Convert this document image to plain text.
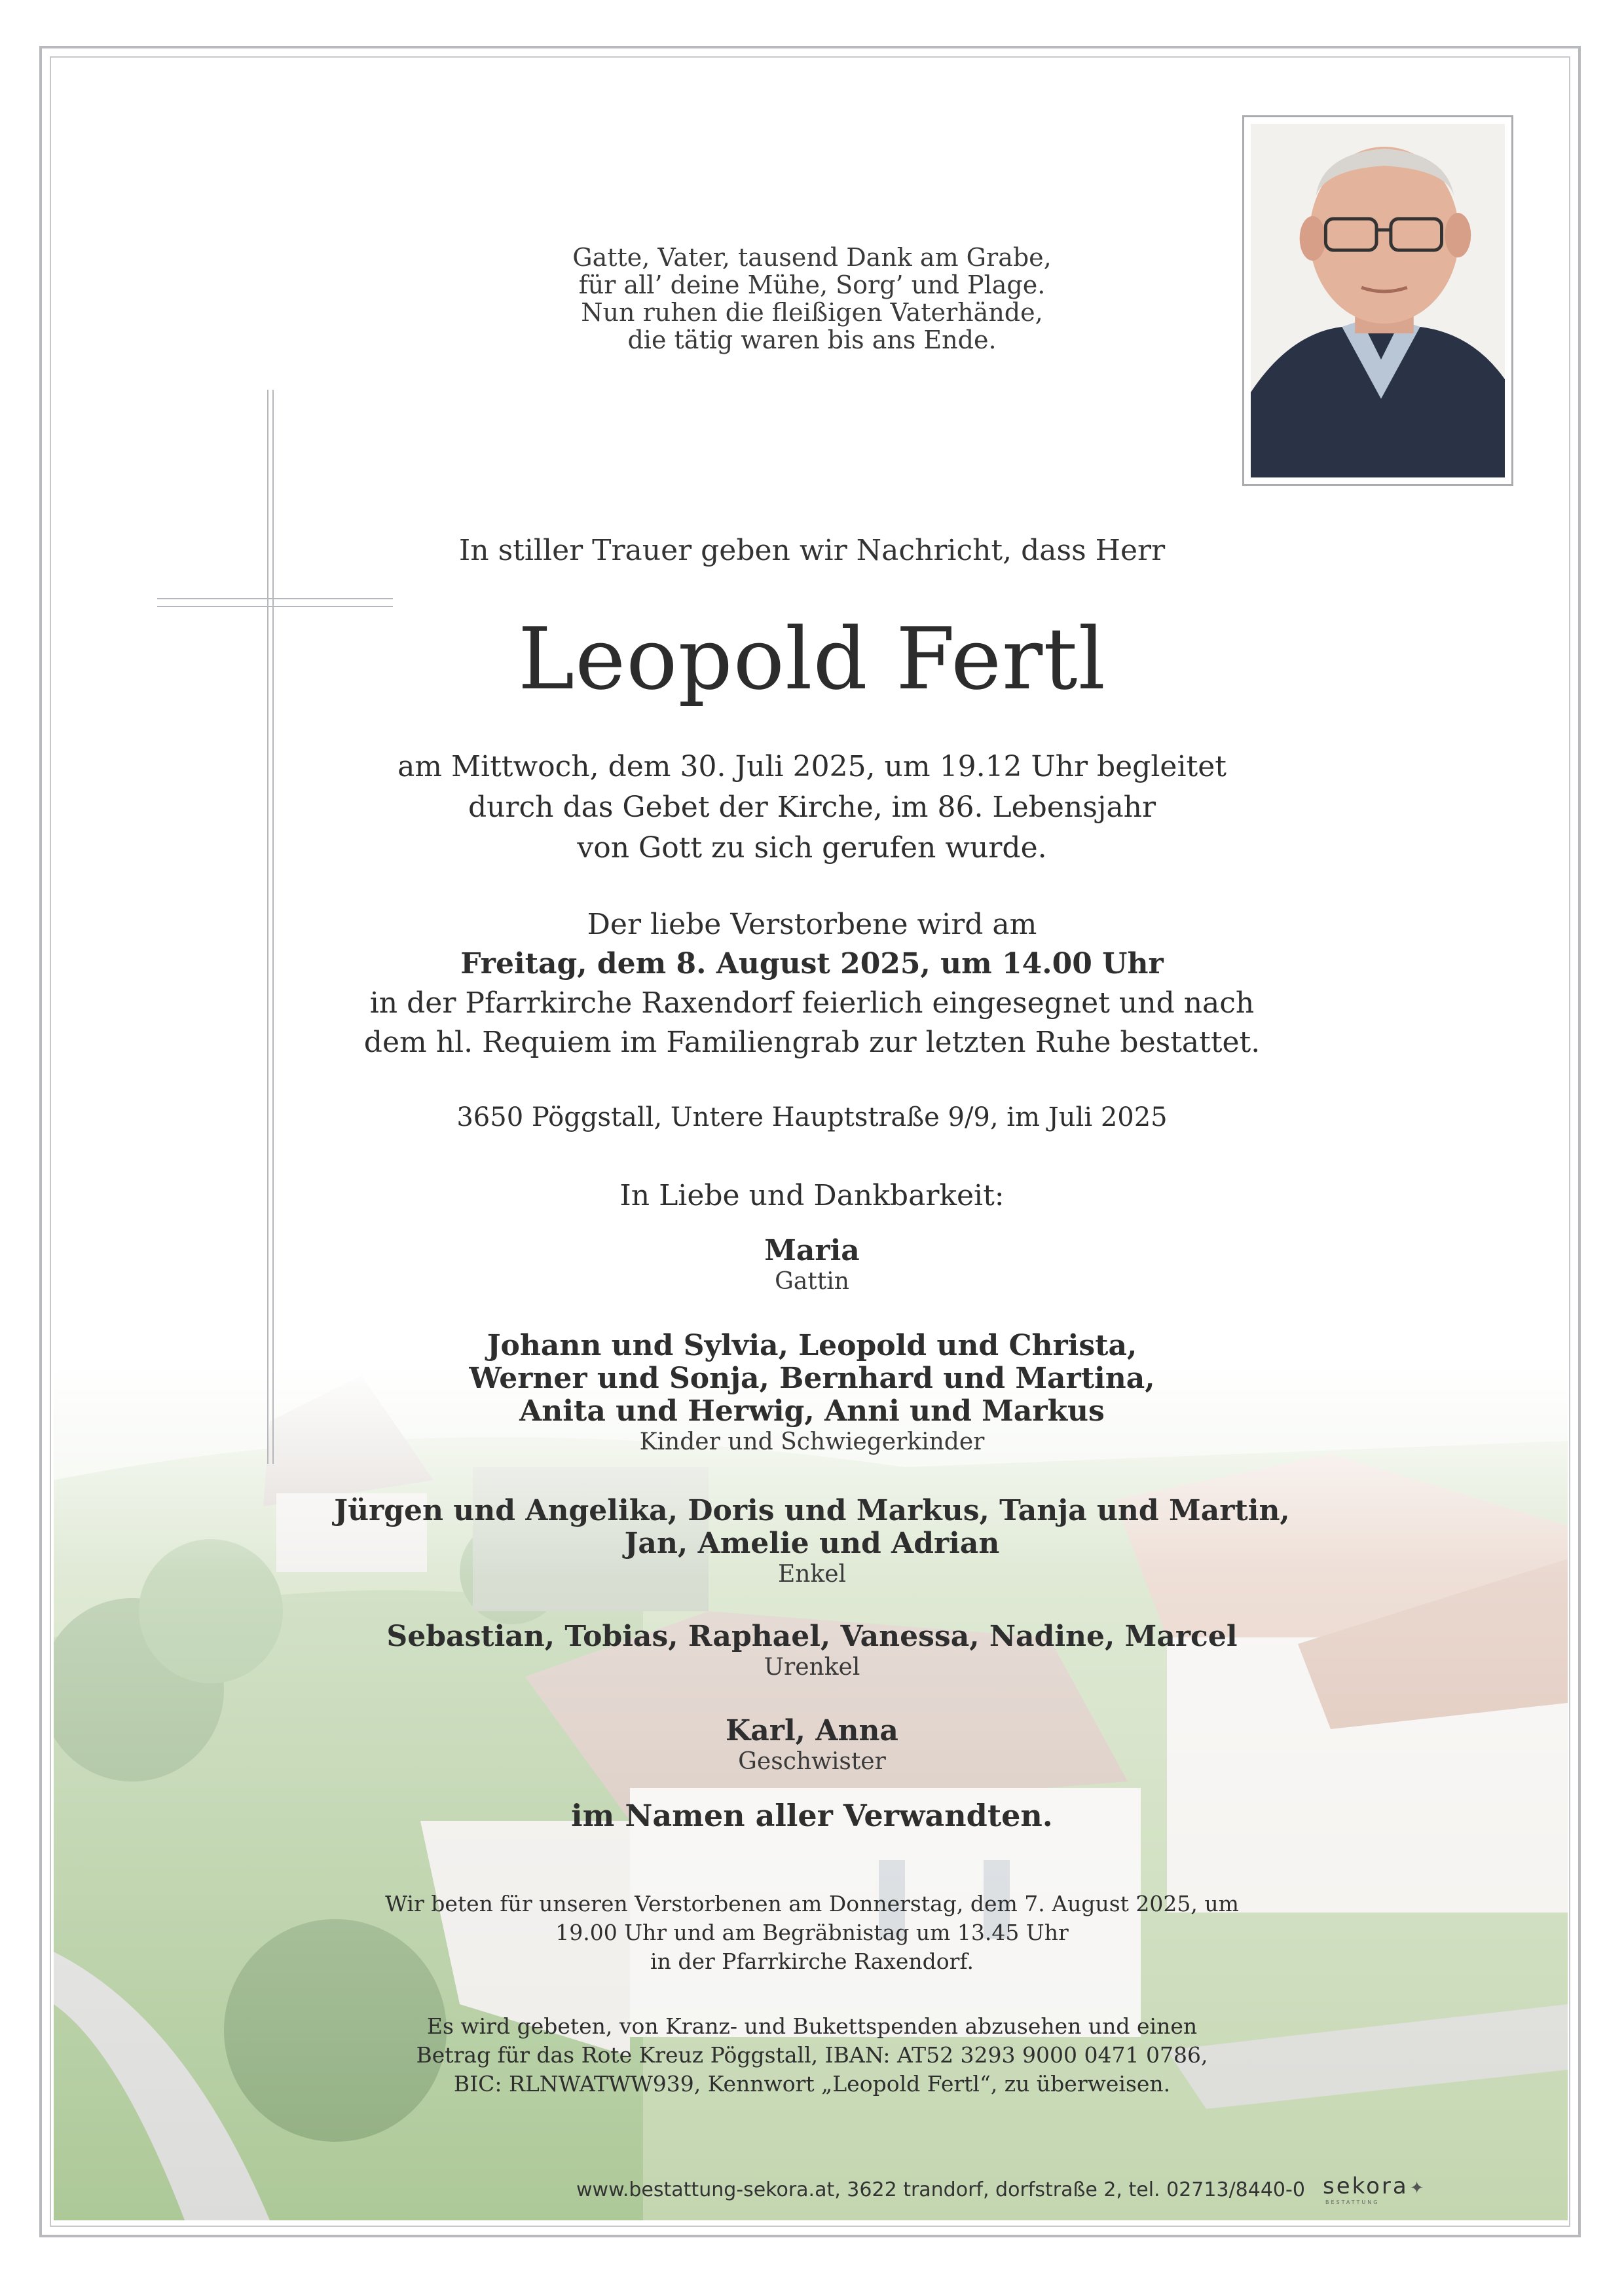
Gatte, Vater, tausend Dank am Grabe,
für all’ deine Mühe, Sorg’ und Plage.
Nun ruhen die fleißigen Vaterhände,
die tätig waren bis ans Ende.
In stiller Trauer geben wir Nachricht, dass Herr
Leopold Fertl
am Mittwoch, dem 30. Juli 2025, um 19.12 Uhr begleitet
durch das Gebet der Kirche, im 86. Lebensjahr
von Gott zu sich gerufen wurde.
Der liebe Verstorbene wird am
Freitag, dem 8. August 2025, um 14.00 Uhr
in der Pfarrkirche Raxendorf feierlich eingesegnet und nach
dem hl. Requiem im Familiengrab zur letzten Ruhe bestattet.
3650 Pöggstall, Untere Hauptstraße 9/9, im Juli 2025
In Liebe und Dankbarkeit:
Maria
Gattin
Johann und Sylvia, Leopold und Christa,
Werner und Sonja, Bernhard und Martina,
Anita und Herwig, Anni und Markus
Kinder und Schwiegerkinder
Jürgen und Angelika, Doris und Markus, Tanja und Martin,
Jan, Amelie und Adrian
Enkel
Sebastian, Tobias, Raphael, Vanessa, Nadine, Marcel
Urenkel
Karl, Anna
Geschwister
im Namen aller Verwandten.
Wir beten für unseren Verstorbenen am Donnerstag, dem 7. August 2025, um
19.00 Uhr und am Begräbnistag um 13.45 Uhr
in der Pfarrkirche Raxendorf.
Es wird gebeten, von Kranz- und Bukettspenden abzusehen und einen
Betrag für das Rote Kreuz Pöggstall, IBAN: AT52 3293 9000 0471 0786,
BIC: RLNWATWW939, Kennwort „Leopold Fertl“, zu überweisen.
www.bestattung-sekora.at, 3622 trandorf, dorfstraße 2, tel. 02713/8440-0 sekora✦
BESTATTUNG
